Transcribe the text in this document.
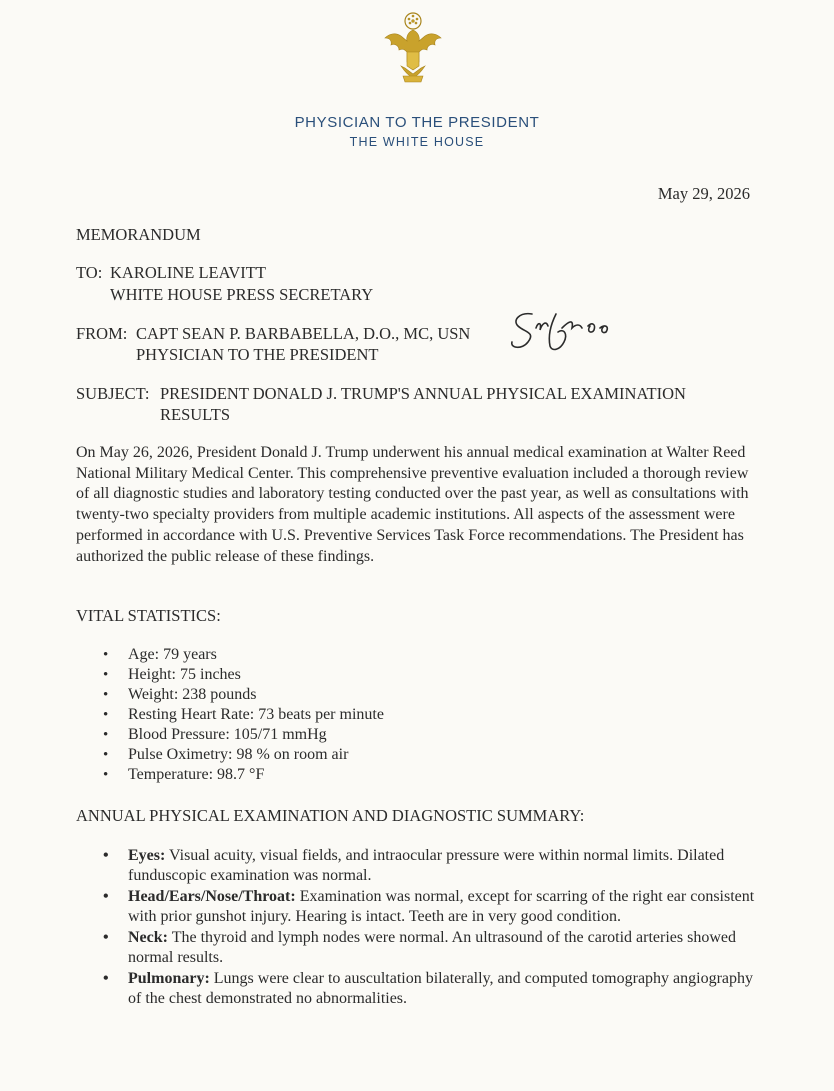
PHYSICIAN TO THE PRESIDENT
THE WHITE HOUSE
May 29, 2026
MEMORANDUM
TO: KAROLINE LEAVITT
WHITE HOUSE PRESS SECRETARY
FROM: CAPT SEAN P. BARBABELLA, D.O., MC, USN
PHYSICIAN TO THE PRESIDENT
SUBJECT: PRESIDENT DONALD J. TRUMP'S ANNUAL PHYSICAL EXAMINATION
RESULTS
On May 26, 2026, President Donald J. Trump underwent his annual medical examination at Walter Reed National Military Medical Center. This comprehensive preventive evaluation included a thorough review of all diagnostic studies and laboratory testing conducted over the past year, as well as consultations with twenty-two specialty providers from multiple academic institutions. All aspects of the assessment were performed in accordance with U.S. Preventive Services Task Force recommendations. The President has authorized the public release of these findings.
VITAL STATISTICS:
• Age: 79 years
• Height: 75 inches
• Weight: 238 pounds
• Resting Heart Rate: 73 beats per minute
• Blood Pressure: 105/71 mmHg
• Pulse Oximetry: 98 % on room air
• Temperature: 98.7 °F
ANNUAL PHYSICAL EXAMINATION AND DIAGNOSTIC SUMMARY:
• Eyes: Visual acuity, visual fields, and intraocular pressure were within normal limits. Dilated funduscopic examination was normal.
• Head/Ears/Nose/Throat: Examination was normal, except for scarring of the right ear consistent with prior gunshot injury. Hearing is intact. Teeth are in very good condition.
• Neck: The thyroid and lymph nodes were normal. An ultrasound of the carotid arteries showed normal results.
• Pulmonary: Lungs were clear to auscultation bilaterally, and computed tomography angiography of the chest demonstrated no abnormalities.
